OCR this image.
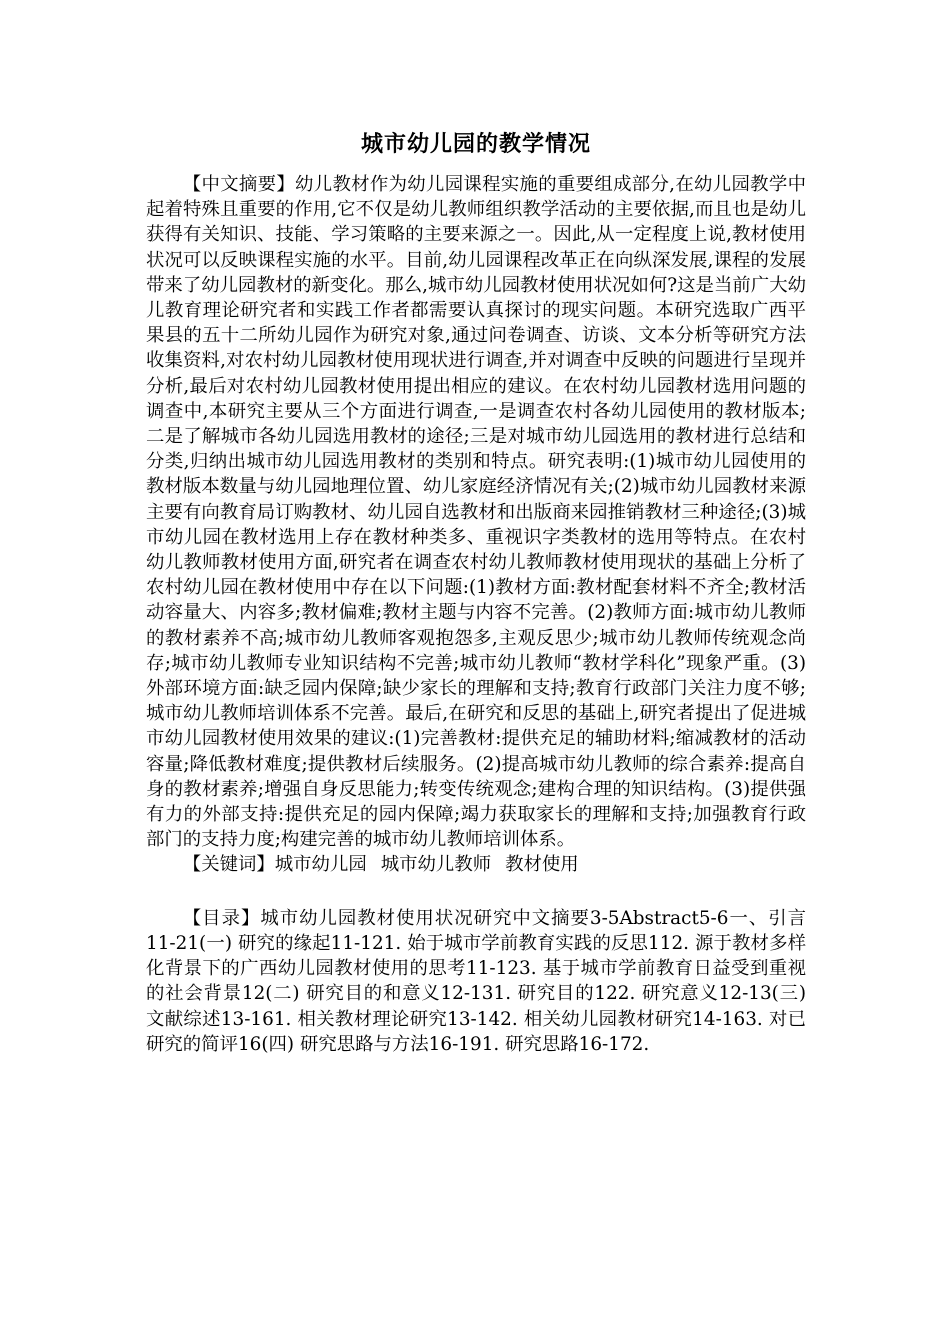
城市幼儿园的教学情况

【中文摘要】幼儿教材作为幼儿园课程实施的重要组成部分,在幼儿园教学中起着特殊且重要的作用,它不仅是幼儿教师组织教学活动的主要依据,而且也是幼儿获得有关知识、技能、学习策略的主要来源之一。因此,从一定程度上说,教材使用状况可以反映课程实施的水平。目前,幼儿园课程改革正在向纵深发展,课程的发展带来了幼儿园教材的新变化。那么,城市幼儿园教材使用状况如何?这是当前广大幼儿教育理论研究者和实践工作者都需要认真探讨的现实问题。本研究选取广西平果县的五十二所幼儿园作为研究对象,通过问卷调查、访谈、文本分析等研究方法收集资料,对农村幼儿园教材使用现状进行调查,并对调查中反映的问题进行呈现并分析,最后对农村幼儿园教材使用提出相应的建议。在农村幼儿园教材选用问题的调查中,本研究主要从三个方面进行调查,一是调查农村各幼儿园使用的教材版本;二是了解城市各幼儿园选用教材的途径;三是对城市幼儿园选用的教材进行总结和分类,归纳出城市幼儿园选用教材的类别和特点。研究表明:(1)城市幼儿园使用的教材版本数量与幼儿园地理位置、幼儿家庭经济情况有关;(2)城市幼儿园教材来源主要有向教育局订购教材、幼儿园自选教材和出版商来园推销教材三种途径;(3)城市幼儿园在教材选用上存在教材种类多、重视识字类教材的选用等特点。在农村幼儿教师教材使用方面,研究者在调查农村幼儿教师教材使用现状的基础上分析了农村幼儿园在教材使用中存在以下问题:(1)教材方面:教材配套材料不齐全;教材活动容量大、内容多;教材偏难;教材主题与内容不完善。(2)教师方面:城市幼儿教师的教材素养不高;城市幼儿教师客观抱怨多,主观反思少;城市幼儿教师传统观念尚存;城市幼儿教师专业知识结构不完善;城市幼儿教师“教材学科化”现象严重。(3)外部环境方面:缺乏园内保障;缺少家长的理解和支持;教育行政部门关注力度不够;城市幼儿教师培训体系不完善。最后,在研究和反思的基础上,研究者提出了促进城市幼儿园教材使用效果的建议:(1)完善教材:提供充足的辅助材料;缩减教材的活动容量;降低教材难度;提供教材后续服务。(2)提高城市幼儿教师的综合素养:提高自身的教材素养;增强自身反思能力;转变传统观念;建构合理的知识结构。(3)提供强有力的外部支持:提供充足的园内保障;竭力获取家长的理解和支持;加强教育行政部门的支持力度;构建完善的城市幼儿教师培训体系。

【关键词】城市幼儿园 城市幼儿教师 教材使用

【目录】城市幼儿园教材使用状况研究中文摘要3-5Abstract5-6一、引言11-21(一) 研究的缘起11-121. 始于城市学前教育实践的反思112. 源于教材多样化背景下的广西幼儿园教材使用的思考11-123. 基于城市学前教育日益受到重视的社会背景12(二) 研究目的和意义12-131. 研究目的122. 研究意义12-13(三) 文献综述13-161. 相关教材理论研究13-142. 相关幼儿园教材研究14-163. 对已研究的简评16(四) 研究思路与方法16-191. 研究思路16-172.
